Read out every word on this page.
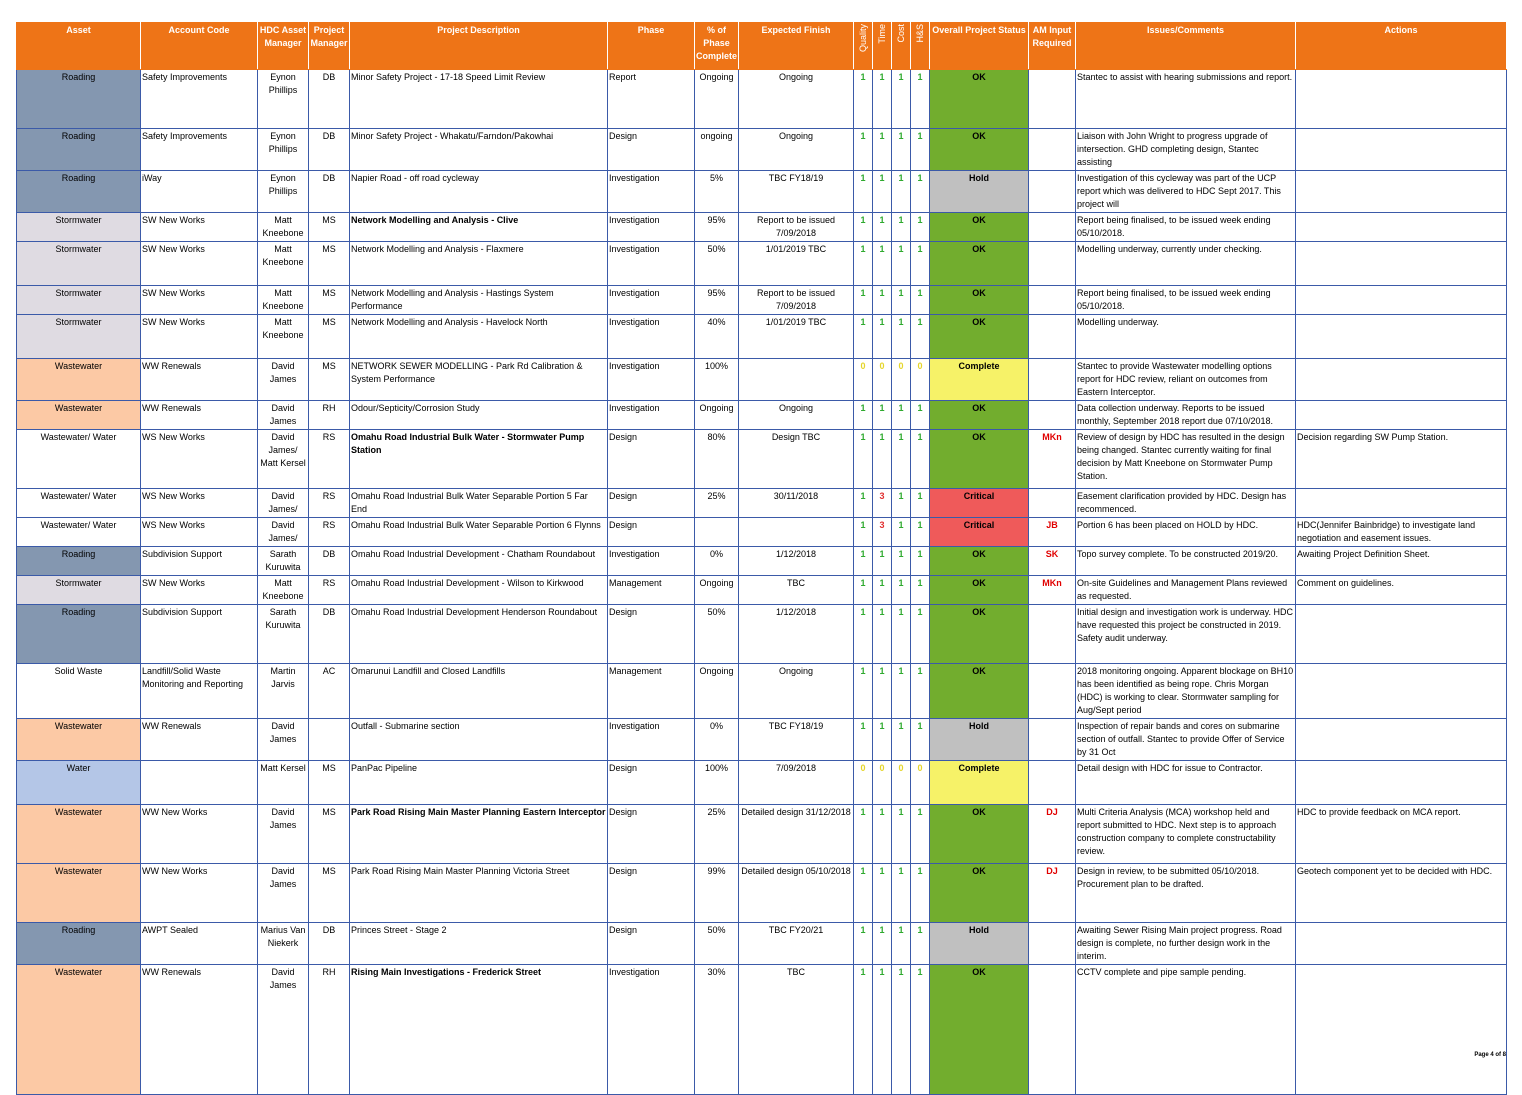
Asset	Account Code	HDC Asset Manager	Project Manager	Project Description	Phase	% of Phase Complete	Expected Finish	Quality	Time	Cost	H&S	Overall Project Status	AM Input Required	Issues/Comments	Actions
Roading	Safety Improvements	Eynon Phillips	DB	Minor Safety Project - 17-18 Speed Limit Review	Report	Ongoing	Ongoing	1	1	1	1	OK		Stantec to assist with hearing submissions and report.	
Roading	Safety Improvements	Eynon Phillips	DB	Minor Safety Project - Whakatu/Farndon/Pakowhai	Design	ongoing	Ongoing	1	1	1	1	OK		Liaison with John Wright to progress upgrade of intersection. GHD completing design, Stantec assisting	
Roading	iWay	Eynon Phillips	DB	Napier Road - off road cycleway	Investigation	5%	TBC FY18/19	1	1	1	1	Hold		Investigation of this cycleway was part of the UCP report which was delivered to HDC Sept 2017. This project will	
Stormwater	SW New Works	Matt Kneebone	MS	Network Modelling and Analysis - Clive	Investigation	95%	Report to be issued 7/09/2018	1	1	1	1	OK		Report being finalised, to be issued week ending 05/10/2018.	
Stormwater	SW New Works	Matt Kneebone	MS	Network Modelling and Analysis - Flaxmere	Investigation	50%	1/01/2019 TBC	1	1	1	1	OK		Modelling underway, currently under checking.	
Stormwater	SW New Works	Matt Kneebone	MS	Network Modelling and Analysis - Hastings System Performance	Investigation	95%	Report to be issued 7/09/2018	1	1	1	1	OK		Report being finalised, to be issued week ending 05/10/2018.	
Stormwater	SW New Works	Matt Kneebone	MS	Network Modelling and Analysis - Havelock North	Investigation	40%	1/01/2019 TBC	1	1	1	1	OK		Modelling underway.	
Wastewater	WW Renewals	David James	MS	NETWORK SEWER MODELLING - Park Rd Calibration & System Performance	Investigation	100%		0	0	0	0	Complete		Stantec to provide Wastewater modelling options report for HDC review, reliant on outcomes from Eastern Interceptor.	
Wastewater	WW Renewals	David James	RH	Odour/Septicity/Corrosion Study	Investigation	Ongoing	Ongoing	1	1	1	1	OK		Data collection underway. Reports to be issued monthly, September 2018 report due 07/10/2018.	
Wastewater/ Water	WS New Works	David James/ Matt Kersel	RS	Omahu Road Industrial Bulk Water - Stormwater Pump Station	Design	80%	Design TBC	1	1	1	1	OK	MKn	Review of design by HDC has resulted in the design being changed. Stantec currently waiting for final decision by Matt Kneebone on Stormwater Pump Station.	Decision regarding SW Pump Station.
Wastewater/ Water	WS New Works	David James/	RS	Omahu Road Industrial Bulk Water Separable Portion 5 Far End	Design	25%	30/11/2018	1	3	1	1	Critical		Easement clarification provided by HDC. Design has recommenced.	
Wastewater/ Water	WS New Works	David James/	RS	Omahu Road Industrial Bulk Water Separable Portion 6 Flynns	Design			1	3	1	1	Critical	JB	Portion 6 has been placed on HOLD by HDC.	HDC(Jennifer Bainbridge) to investigate land negotiation and easement issues.
Roading	Subdivision Support	Sarath Kuruwita	DB	Omahu Road Industrial Development - Chatham Roundabout	Investigation	0%	1/12/2018	1	1	1	1	OK	SK	Topo survey complete. To be constructed 2019/20.	Awaiting Project Definition Sheet.
Stormwater	SW New Works	Matt Kneebone	RS	Omahu Road Industrial Development - Wilson to Kirkwood	Management	Ongoing	TBC	1	1	1	1	OK	MKn	On-site Guidelines and Management Plans reviewed as requested.	Comment on guidelines.
Roading	Subdivision Support	Sarath Kuruwita	DB	Omahu Road Industrial Development Henderson Roundabout	Design	50%	1/12/2018	1	1	1	1	OK		Initial design and investigation work is underway. HDC have requested this project be constructed in 2019. Safety audit underway.	
Solid Waste	Landfill/Solid Waste Monitoring and Reporting	Martin Jarvis	AC	Omarunui Landfill and Closed Landfills	Management	Ongoing	Ongoing	1	1	1	1	OK		2018 monitoring ongoing. Apparent blockage on BH10 has been identified as being rope. Chris Morgan (HDC) is working to clear. Stormwater sampling for Aug/Sept period	
Wastewater	WW Renewals	David James		Outfall - Submarine section	Investigation	0%	TBC FY18/19	1	1	1	1	Hold		Inspection of repair bands and cores on submarine section of outfall. Stantec to provide Offer of Service by 31 Oct	
Water		Matt Kersel	MS	PanPac Pipeline	Design	100%	7/09/2018	0	0	0	0	Complete		Detail design with HDC for issue to Contractor.	
Wastewater	WW New Works	David James	MS	Park Road Rising Main Master Planning Eastern Interceptor	Design	25%	Detailed design 31/12/2018	1	1	1	1	OK	DJ	Multi Criteria Analysis (MCA) workshop held and report submitted to HDC. Next step is to approach construction company to complete constructability review.	HDC to provide feedback on MCA report.
Wastewater	WW New Works	David James	MS	Park Road Rising Main Master Planning Victoria Street	Design	99%	Detailed design 05/10/2018	1	1	1	1	OK	DJ	Design in review, to be submitted 05/10/2018. Procurement plan to be drafted.	Geotech component yet to be decided with HDC.
Roading	AWPT Sealed	Marius Van Niekerk	DB	Princes Street - Stage 2	Design	50%	TBC FY20/21	1	1	1	1	Hold		Awaiting Sewer Rising Main project progress. Road design is complete, no further design work in the interim.	
Wastewater	WW Renewals	David James	RH	Rising Main Investigations - Frederick Street	Investigation	30%	TBC	1	1	1	1	OK		CCTV complete and pipe sample pending.	
Page 4 of 8
